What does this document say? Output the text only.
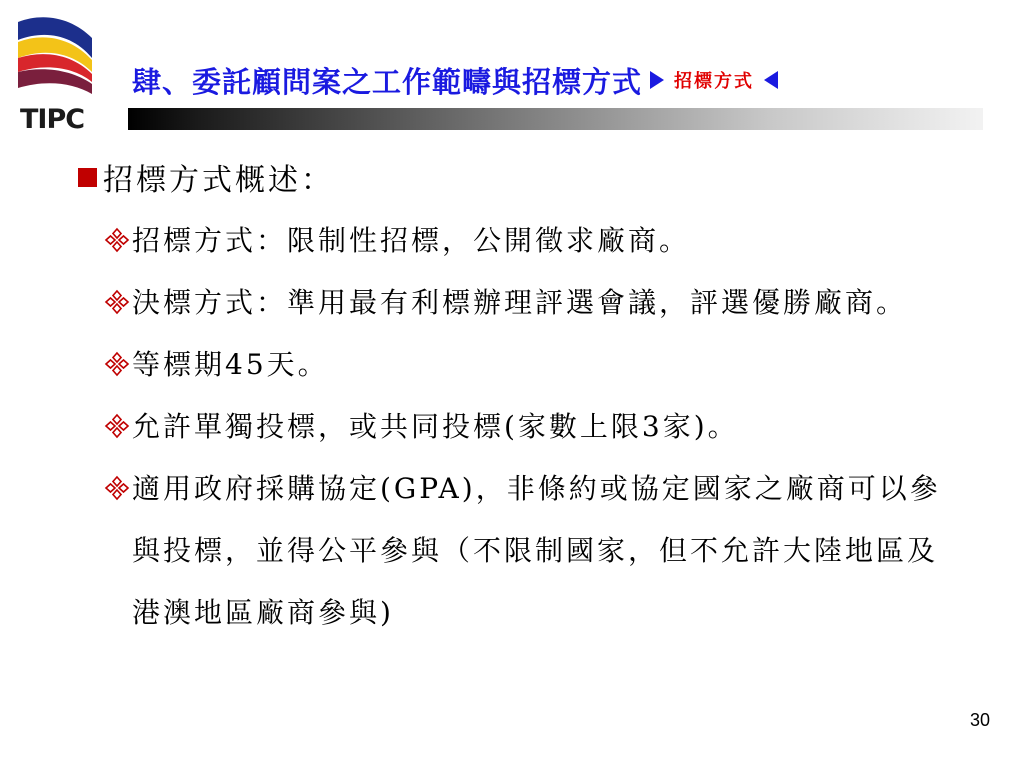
TIPC
肆、委託顧問案之工作範疇與招標方式 招標方式
招標方式概述：
招標方式：限制性招標，公開徵求廠商。
決標方式：準用最有利標辦理評選會議，評選優勝廠商。
等標期45天。
允許單獨投標，或共同投標(家數上限3家)。
適用政府採購協定(GPA)，非條約或協定國家之廠商可以參與投標，並得公平參與（不限制國家，但不允許大陸地區及港澳地區廠商參與)
30
